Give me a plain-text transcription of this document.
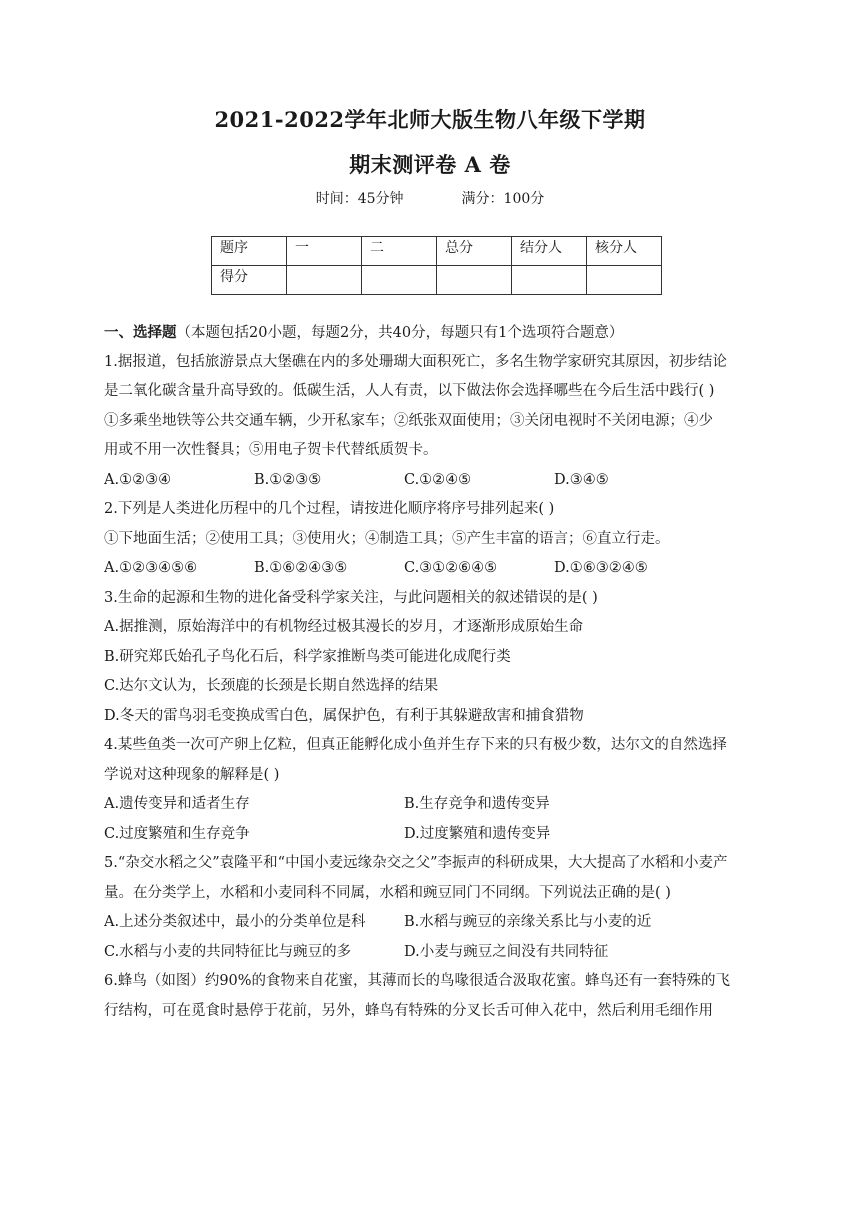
2021-2022学年北师大版生物八年级下学期
期末测评卷 A 卷
时间：45分钟	满分：100分
题序	一	二	总分	结分人	核分人
得分					
一、选择题（本题包括20小题，每题2分，共40分，每题只有1个选项符合题意）
1.据报道，包括旅游景点大堡礁在内的多处珊瑚大面积死亡，多名生物学家研究其原因，初步结论
是二氧化碳含量升高导致的。低碳生活，人人有责，以下做法你会选择哪些在今后生活中践行( )
①多乘坐地铁等公共交通车辆，少开私家车；②纸张双面使用；③关闭电视时不关闭电源；④少
用或不用一次性餐具；⑤用电子贺卡代替纸质贺卡。
A.①②③④	B.①②③⑤	C.①②④⑤	D.③④⑤
2.下列是人类进化历程中的几个过程，请按进化顺序将序号排列起来( )
①下地面生活；②使用工具；③使用火；④制造工具；⑤产生丰富的语言；⑥直立行走。
A.①②③④⑤⑥	B.①⑥②④③⑤	C.③①②⑥④⑤	D.①⑥③②④⑤
3.生命的起源和生物的进化备受科学家关注，与此问题相关的叙述错误的是( )
A.据推测，原始海洋中的有机物经过极其漫长的岁月，才逐渐形成原始生命
B.研究郑氏始孔子鸟化石后，科学家推断鸟类可能进化成爬行类
C.达尔文认为，长颈鹿的长颈是长期自然选择的结果
D.冬天的雷鸟羽毛变换成雪白色，属保护色，有利于其躲避敌害和捕食猎物
4.某些鱼类一次可产卵上亿粒，但真正能孵化成小鱼并生存下来的只有极少数，达尔文的自然选择
学说对这种现象的解释是( )
A.遗传变异和适者生存	B.生存竞争和遗传变异
C.过度繁殖和生存竞争	D.过度繁殖和遗传变异
5.“杂交水稻之父”袁隆平和“中国小麦远缘杂交之父”李振声的科研成果，大大提高了水稻和小麦产
量。在分类学上，水稻和小麦同科不同属，水稻和豌豆同门不同纲。下列说法正确的是( )
A.上述分类叙述中，最小的分类单位是科	B.水稻与豌豆的亲缘关系比与小麦的近
C.水稻与小麦的共同特征比与豌豆的多	D.小麦与豌豆之间没有共同特征
6.蜂鸟（如图）约90%的食物来自花蜜，其薄而长的鸟喙很适合汲取花蜜。蜂鸟还有一套特殊的飞
行结构，可在觅食时悬停于花前，另外，蜂鸟有特殊的分叉长舌可伸入花中，然后利用毛细作用
